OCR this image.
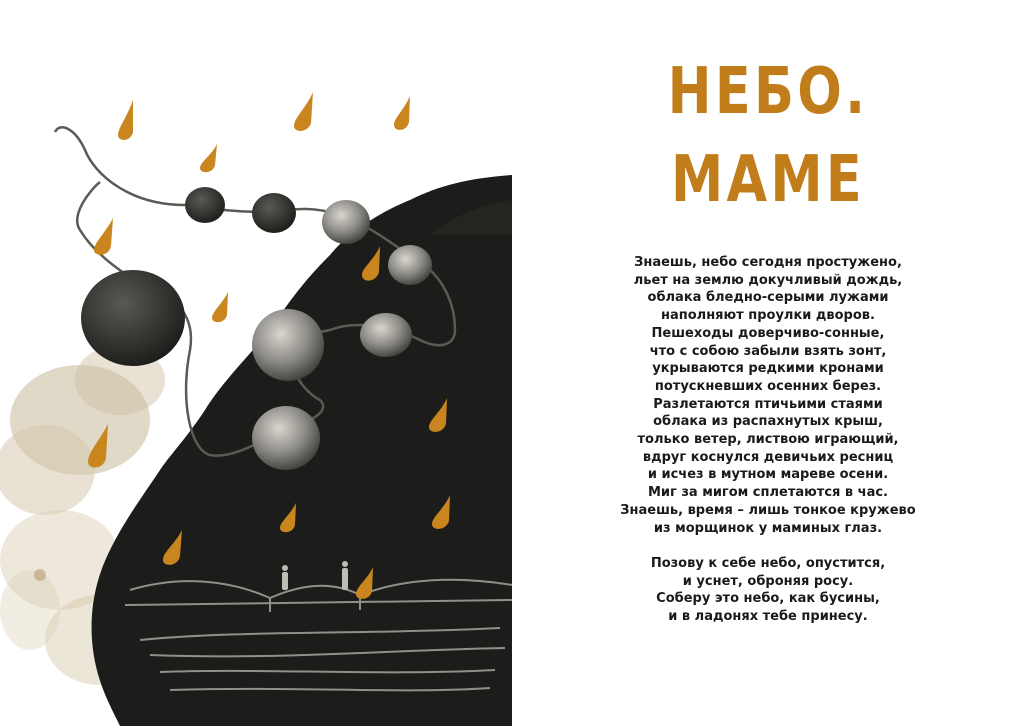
НЕБО.
МАМЕ
Знаешь, небо сегодня простужено,
льет на землю докучливый дождь,
облака бледно-серыми лужами
наполняют проулки дворов.
Пешеходы доверчиво-сонные,
что с собою забыли взять зонт,
укрываются редкими кронами
потускневших осенних берез.
Разлетаются птичьими стаями
облака из распахнутых крыш,
только ветер, листвою играющий,
вдруг коснулся девичьих ресниц
и исчез в мутном мареве осени.
Миг за мигом сплетаются в час.
Знаешь, время – лишь тонкое кружево
из морщинок у маминых глаз.
Позову к себе небо, опустится,
и уснет, оброняя росу.
Соберу это небо, как бусины,
и в ладонях тебе принесу.
